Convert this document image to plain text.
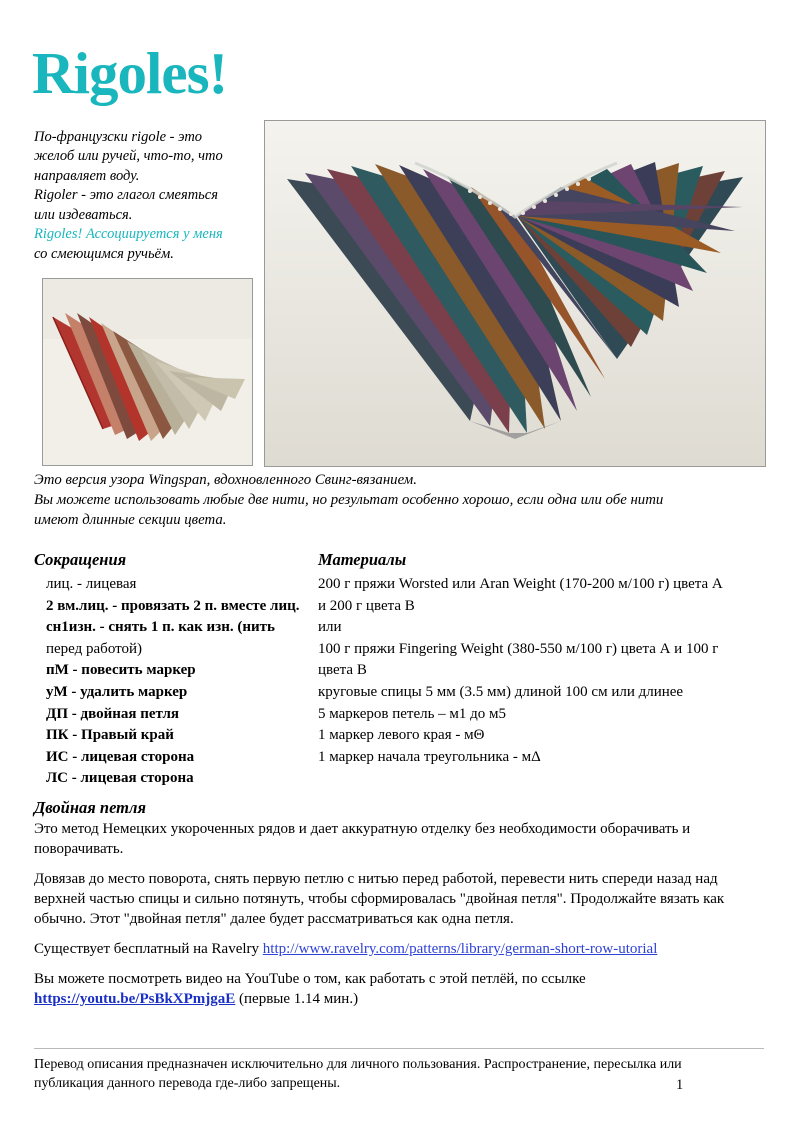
Rigoles!

По-французски rigole - это

желоб или ручей, что-то, что

направляет воду.

Rigoler - это глагол смеяться

или издеваться.

Rigoles! Ассоциируется у меня

со смеющимся ручьём.

Это версия узора Wingspan, вдохновленного Свинг-вязанием.

Вы можете использовать любые две нити, но результат особенно хорошо, если одна или обе нити

имеют длинные секции цвета.

Сокращения
лиц. - лицевая
2 вм.лиц. - провязать 2 п. вместе лиц.
сн1изн. - снять 1 п. как изн. (нить
перед работой)
пМ - повесить маркер
уМ - удалить маркер
ДП - двойная петля
ПК - Правый край
ИС - лицевая сторона
ЛС - лицевая сторона
Материалы
200 г пряжи Worsted или Aran Weight (170-200 м/100 г) цвета А
и 200 г цвета В
или
100 г пряжи Fingering Weight (380-550 м/100 г) цвета А и 100 г
цвета В
круговые спицы 5 мм (3.5 мм) длиной 100 см или длинее
5 маркеров петель – м1 до м5
1 маркер левого края - мΘ
1 маркер начала треугольника - мΔ
Двойная петля

Это метод Немецких укороченных рядов и дает аккуратную отделку без необходимости оборачивать и поворачивать.

Довязав до место поворота, снять первую петлю с нитью перед работой, перевести нить спереди назад над верхней частью спицы и сильно потянуть, чтобы сформировалась "двойная петля". Продолжайте вязать как обычно. Этот "двойная петля" далее будет рассматриваться как одна петля.

Существует бесплатный на Ravelry http://www.ravelry.com/patterns/library/german-short-row-utorial

Вы можете посмотреть видео на YouTube о том, как работать с этой петлёй, по ссылке
https://youtu.be/PsBkXPmjgaE (первые 1.14 мин.)

Перевод описания предназначен исключительно для личного пользования. Распространение, пересылка или

публикация данного перевода где-либо запрещены.	1
